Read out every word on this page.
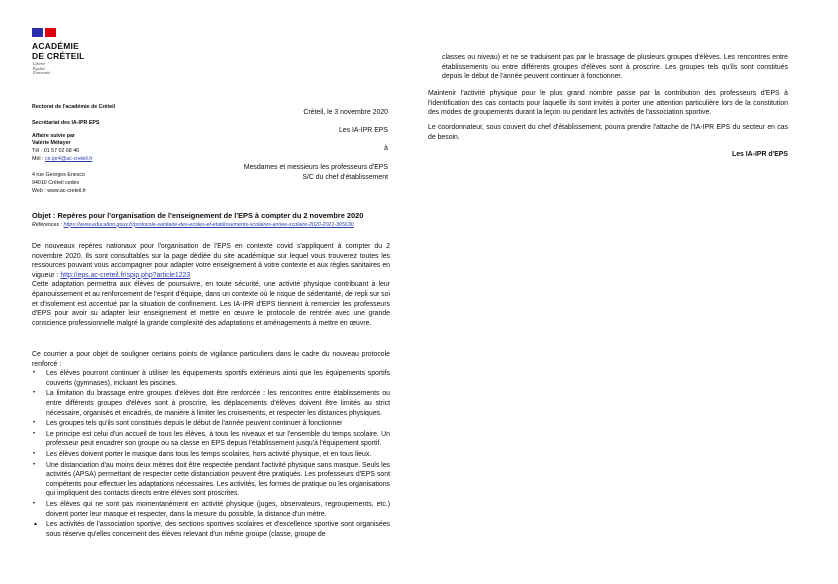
ACADÉMIE
DE CRÉTEIL
Liberté
Égalité
Fraternité
Rectorat de l'académie de Créteil
Secrétariat des IA-IPR EPS
Affaire suivie par
Valérie Métayer
Tél : 01 57 02 68 46
Mél : ce.ipr4@ac-creteil.fr
4 rue Georges Enesco
94010 Créteil cedex
Web : www.ac-creteil.fr
Créteil, le 3 novembre 2020
Les IA-IPR EPS
à
Mesdames et messieurs les professeurs d'EPS
S/C du chef d'établissement
Objet : Repères pour l'organisation de l'enseignement de l'EPS à compter du 2 novembre 2020
Références : https://www.education.gouv.fr/protocole-sanitaire-des-ecoles-et-etablissements-scolaires-annee-scolaire-2020-2021-305630

De nouveaux repères nationaux pour l'organisation de l'EPS en contexte covid s'appliquent à compter du 2 novembre 2020. Ils sont consultables sur la page dédiée du site académique sur lequel vous trouverez toutes les ressources pouvant vous accompagner pour adapter votre enseignement à votre contexte et aux règles sanitaires en vigueur : http://eps.ac-creteil.fr/spip.php?article1223

Cette adaptation permettra aux élèves de poursuivre, en toute sécurité, une activité physique contribuant à leur épanouissement et au renforcement de l'esprit d'équipe, dans un contexte où le risque de sédentarité, de repli sur soi et d'isolement est accentué par la situation de confinement. Les IA-IPR d'EPS tiennent à remercier les professeurs d'EPS pour avoir su adapter leur enseignement et mettre en œuvre le protocole de rentrée avec une grande conscience professionnelle malgré la grande complexité des adaptations et aménagements à mettre en œuvre.

Ce courrier a pour objet de souligner certains points de vigilance particuliers dans le cadre du nouveau protocole renforcé :

• Les élèves pourront continuer à utiliser les équipements sportifs extérieurs ainsi que les équipements sportifs couverts (gymnases), incluant les piscines.
• La limitation du brassage entre groupes d'élèves doit être renforcée : les rencontres entre établissements ou entre différents groupes d'élèves sont à proscrire, les déplacements d'élèves doivent être limités au strict nécessaire, organisés et encadrés, de manière à limiter les croisements, et respecter les distances physiques.
• Les groupes tels qu'ils sont constitués depuis le début de l'année peuvent continuer à fonctionner
• Le principe est celui d'un accueil de tous les élèves, à tous les niveaux et sur l'ensemble du temps scolaire. Un professeur peut encadrer son groupe ou sa classe en EPS depuis l'établissement jusqu'à l'équipement sportif.
• Les élèves doivent porter le masque dans tous les temps scolaires, hors activité physique, et en tous lieux.
• Une distanciation d'au moins deux mètres doit être respectée pendant l'activité physique sans masque. Seuls les activités (APSA) permettant de respecter cette distanciation peuvent être pratiqués. Les professeurs d'EPS sont compétents pour effectuer les adaptations nécessaires. Les activités, les formes de pratique ou les organisations qui impliquent des contacts directs entre élèves sont proscrites.
• Les élèves qui ne sont pas momentanément en activité physique (juges, observateurs, regroupements, etc.) doivent porter leur masque et respecter, dans la mesure du possible, la distance d'un mètre.
▲ Les activités de l'association sportive, des sections sportives scolaires et d'excellence sportive sont organisées sous réserve qu'elles concernent des élèves relevant d'un même groupe (classe, groupe de
classes ou niveau) et ne se traduisent pas par le brassage de plusieurs groupes d'élèves. Les rencontres entre établissements ou entre différents groupes d'élèves sont à proscrire. Les groupes tels qu'ils sont constitués depuis le début de l'année peuvent continuer à fonctionner.
Maintenir l'activité physique pour le plus grand nombre passe par la contribution des professeurs d'EPS à l'identification des cas contacts pour laquelle ils sont invités à porter une attention particulière lors de la constitution des modes de groupements durant la leçon ou pendant les activités de l'association sportive.
Le coordonnateur, sous couvert du chef d'établissement, pourra prendre l'attache de l'IA-IPR EPS du secteur en cas de besoin.
Les IA-IPR d'EPS
